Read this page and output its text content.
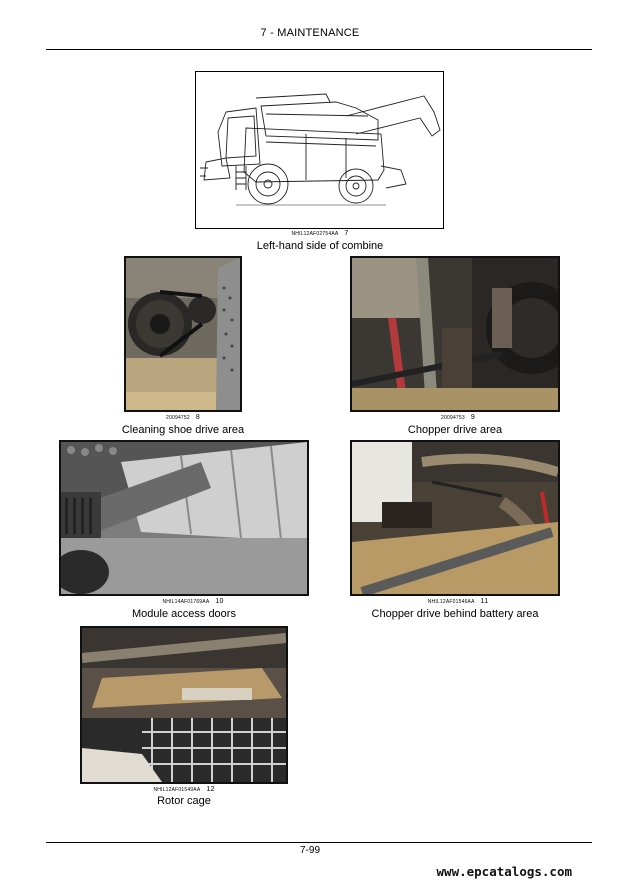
7 - MAINTENANCE
NHIL12AF02754AA 7
Left-hand side of combine
20094752 8
Cleaning shoe drive area
20094753 9
Chopper drive area
NHIL14AF01769AA 10
Module access doors
NHIL12AF01546AA 11
Chopper drive behind battery area
NHIL12AF01549AA 12
Rotor cage
7-99
www.epcatalogs.com
